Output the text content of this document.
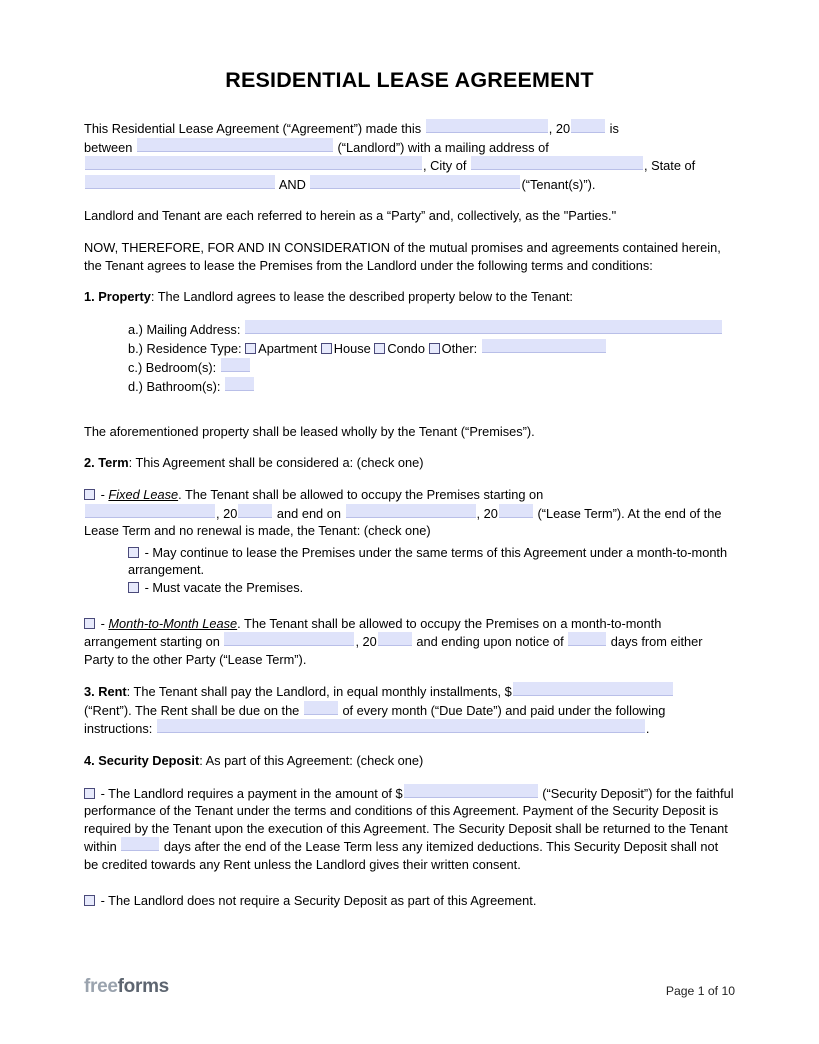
RESIDENTIAL LEASE AGREEMENT
This Residential Lease Agreement (“Agreement”) made this	, 20	is
between	(“Landlord”) with a mailing address of
, City of	, State of
AND	(“Tenant(s)”).

Landlord and Tenant are each referred to herein as a “Party” and, collectively, as the "Parties."

NOW, THEREFORE, FOR AND IN CONSIDERATION of the mutual promises and agreements contained herein, the Tenant agrees to lease the Premises from the Landlord under the following terms and conditions:

1. Property: The Landlord agrees to lease the described property below to the Tenant:

a.) Mailing Address:
b.) Residence Type: Apartment House Condo Other:
c.) Bedroom(s):
d.) Bathroom(s):

The aforementioned property shall be leased wholly by the Tenant (“Premises”).

2. Term: This Agreement shall be considered a: (check one)

- Fixed Lease. The Tenant shall be allowed to occupy the Premises starting on
, 20	and end on	, 20	(“Lease Term”). At the end of the Lease Term and no renewal is made, the Tenant: (check one)
- May continue to lease the Premises under the same terms of this Agreement under a month-to-month arrangement.
- Must vacate the Premises.
- Month-to-Month Lease. The Tenant shall be allowed to occupy the Premises on a month-to-month arrangement starting on	, 20	and ending upon notice of	days from either Party to the other Party (“Lease Term”).
3. Rent: The Tenant shall pay the Landlord, in equal monthly installments, $
(“Rent”). The Rent shall be due on the	of every month (“Due Date”) and paid under the following instructions:	.

4. Security Deposit: As part of this Agreement: (check one)

- The Landlord requires a payment in the amount of $	(“Security Deposit”) for the faithful performance of the Tenant under the terms and conditions of this Agreement. Payment of the Security Deposit is required by the Tenant upon the execution of this Agreement. The Security Deposit shall be returned to the Tenant within	days after the end of the Lease Term less any itemized deductions. This Security Deposit shall not be credited towards any Rent unless the Landlord gives their written consent.
- The Landlord does not require a Security Deposit as part of this Agreement.
freeforms	Page 1 of 10
